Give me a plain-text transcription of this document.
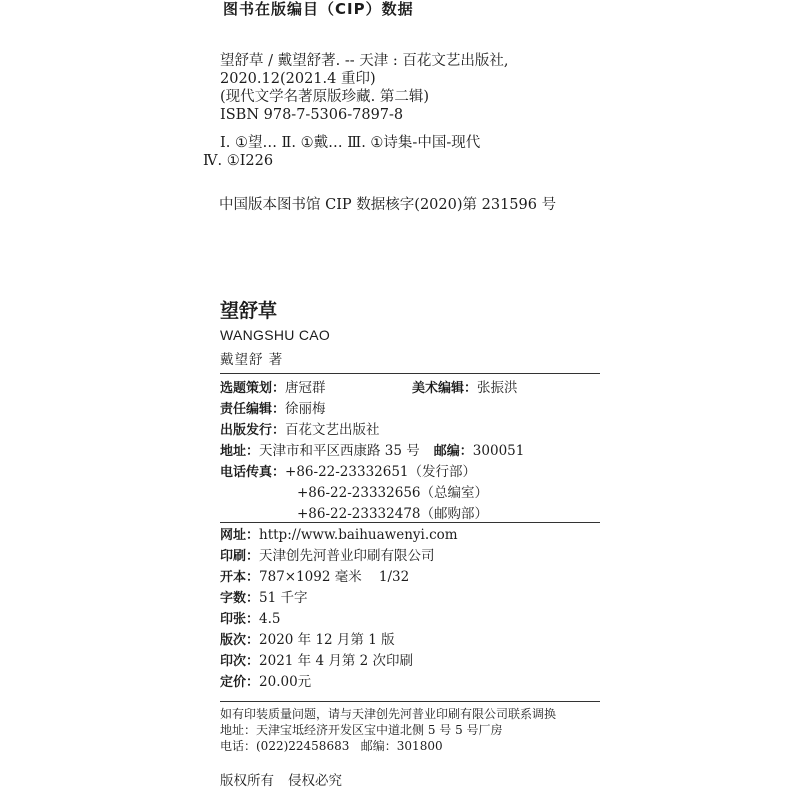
图书在版编目（CIP）数据
望舒草 / 戴望舒著. -- 天津 : 百花文艺出版社,
2020.12(2021.4 重印)
(现代文学名著原版珍藏. 第二辑)
ISBN 978-7-5306-7897-8
Ⅰ. ①望… Ⅱ. ①戴… Ⅲ. ①诗集-中国-现代
Ⅳ. ①I226
中国版本图书馆 CIP 数据核字(2020)第 231596 号
望舒草
WANGSHU CAO
戴望舒 著
选题策划：唐冠群
责任编辑：徐丽梅
出版发行：百花文艺出版社
地址：天津市和平区西康路 35 号 邮编：300051
电话传真：+86-22-23332651（发行部）
+86-22-23332656（总编室）
+86-22-23332478（邮购部）
美术编辑：张振洪
网址：http://www.baihuawenyi.com
印刷：天津创先河普业印刷有限公司
开本：787×1092 毫米    1/32
字数：51 千字
印张：4.5
版次：2020 年 12 月第 1 版
印次：2021 年 4 月第 2 次印刷
定价：20.00元
如有印装质量问题，请与天津创先河普业印刷有限公司联系调换
地址：天津宝坻经济开发区宝中道北侧 5 号 5 号厂房
电话：(022)22458683   邮编：301800
版权所有 侵权必究
